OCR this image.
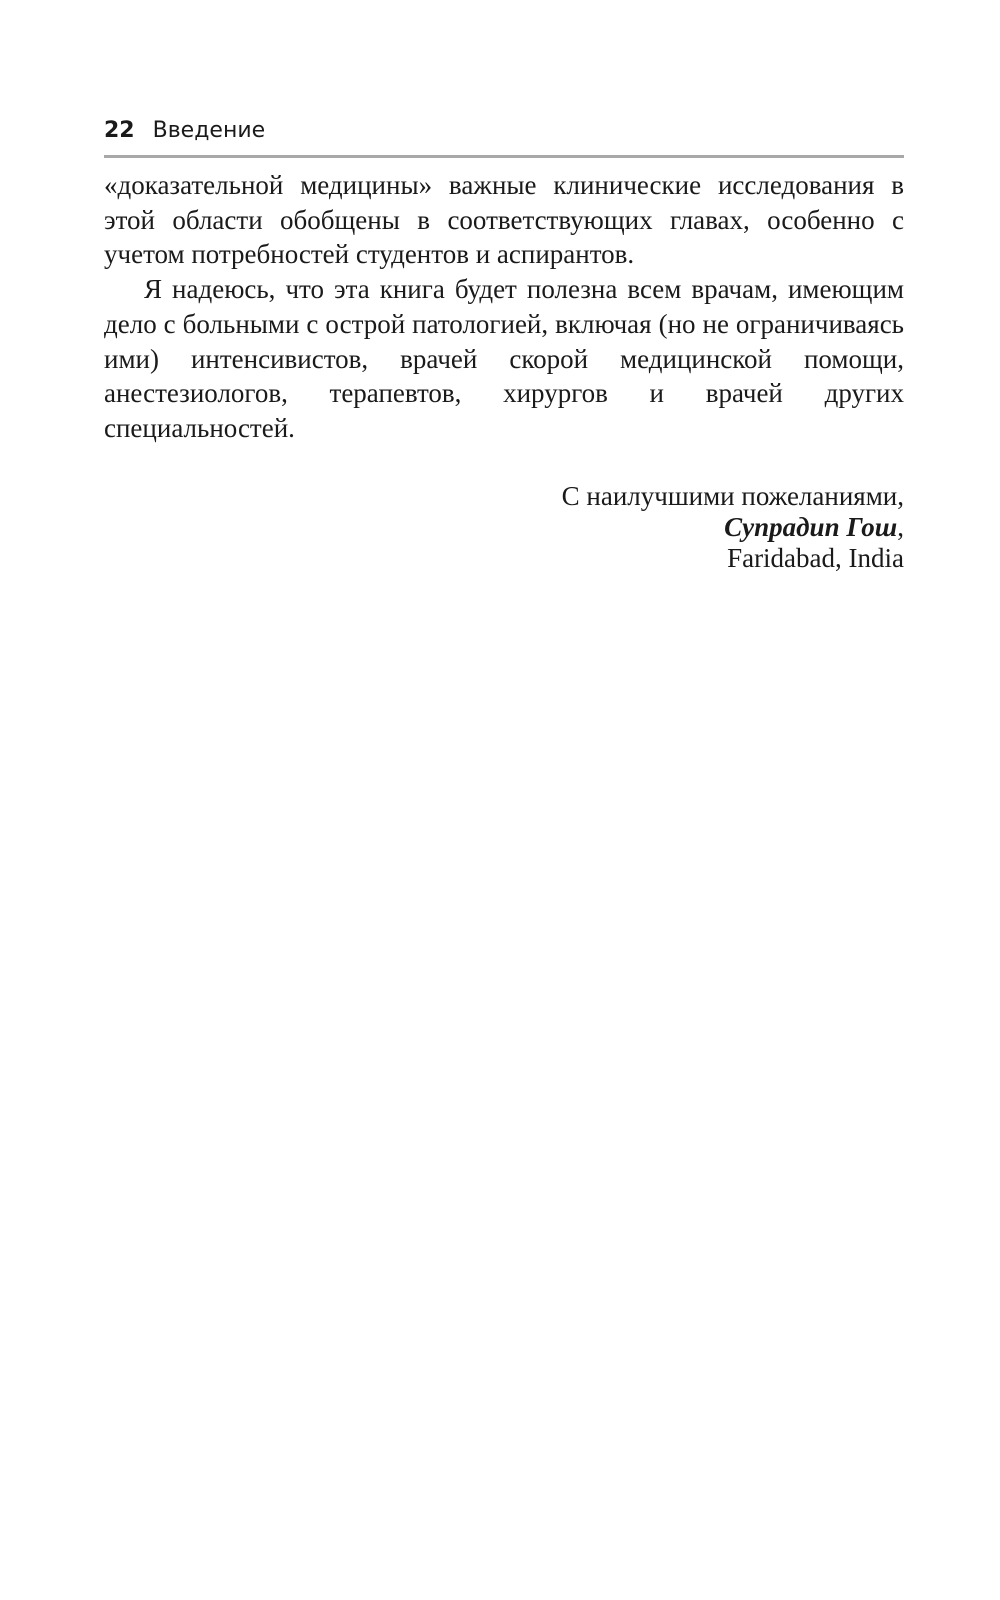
22 Введение

«доказательной медицины» важные клинические исследования в этой области обобщены в соответствующих главах, особенно с учетом потребностей студентов и аспирантов.

Я надеюсь, что эта книга будет полезна всем врачам, имеющим дело с больными с острой патологией, включая (но не ограничиваясь ими) интенсивистов, врачей скорой медицинской помощи, анестезиологов, терапевтов, хирургов и врачей других специальностей.

С наилучшими пожеланиями,
Супрадип Гош,
Faridabad, India
